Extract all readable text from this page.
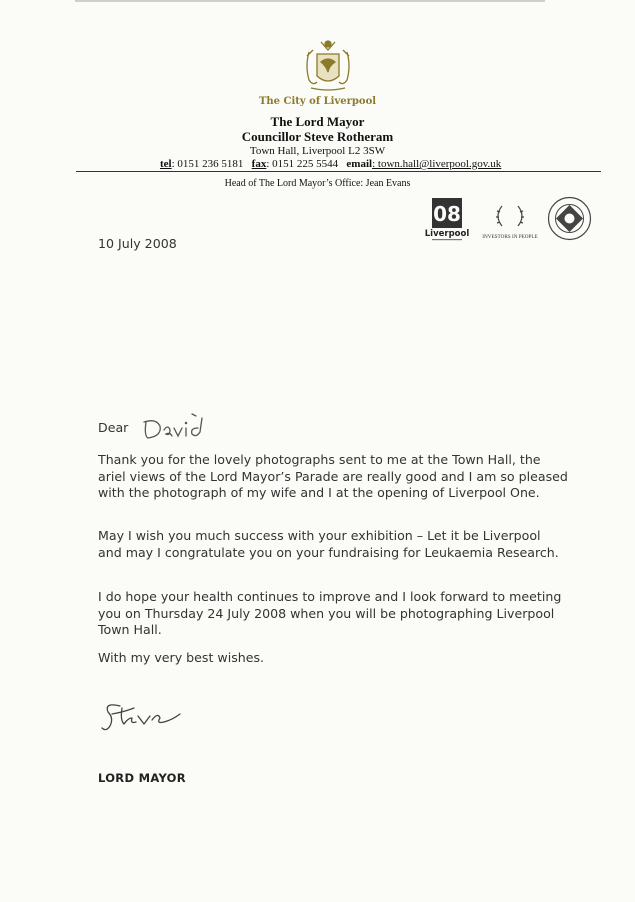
The City of Liverpool
The Lord Mayor
Councillor Steve Rotheram
Town Hall, Liverpool L2 3SW
tel: 0151 236 5181 fax: 0151 225 5544 email: town.hall@liverpool.gov.uk
Head of The Lord Mayor’s Office: Jean Evans
08
Liverpool INVESTORS IN PEOPLE
10 July 2008
Dear
Thank you for the lovely photographs sent to me at the Town Hall, the ariel views of the Lord Mayor’s Parade are really good and I am so pleased with the photograph of my wife and I at the opening of Liverpool One.
May I wish you much success with your exhibition – Let it be Liverpool and may I congratulate you on your fundraising for Leukaemia Research.
I do hope your health continues to improve and I look forward to meeting you on Thursday 24 July 2008 when you will be photographing Liverpool Town Hall.
With my very best wishes.
LORD MAYOR
